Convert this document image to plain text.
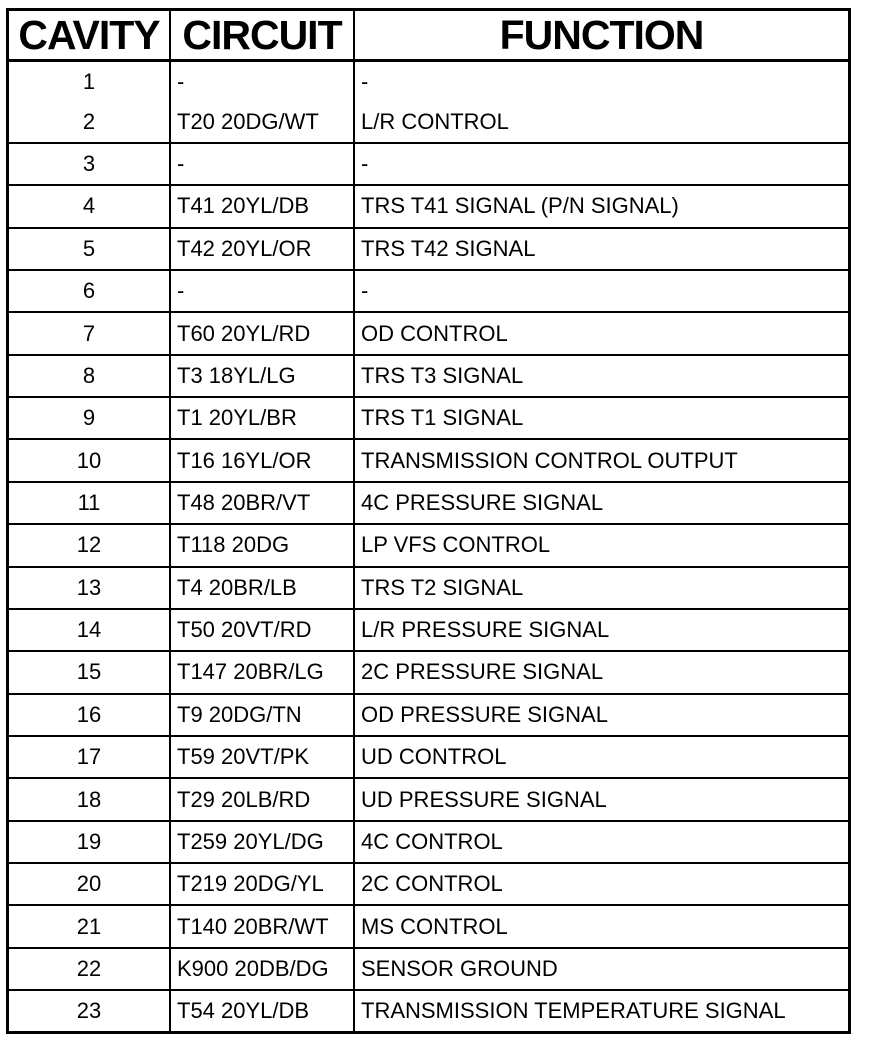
CAVITY	CIRCUIT	FUNCTION
1	-	-
2	T20 20DG/WT	L/R CONTROL
3	-	-
4	T41 20YL/DB	TRS T41 SIGNAL (P/N SIGNAL)
5	T42 20YL/OR	TRS T42 SIGNAL
6	-	-
7	T60 20YL/RD	OD CONTROL
8	T3 18YL/LG	TRS T3 SIGNAL
9	T1 20YL/BR	TRS T1 SIGNAL
10	T16 16YL/OR	TRANSMISSION CONTROL OUTPUT
11	T48 20BR/VT	4C PRESSURE SIGNAL
12	T118 20DG	LP VFS CONTROL
13	T4 20BR/LB	TRS T2 SIGNAL
14	T50 20VT/RD	L/R PRESSURE SIGNAL
15	T147 20BR/LG	2C PRESSURE SIGNAL
16	T9 20DG/TN	OD PRESSURE SIGNAL
17	T59 20VT/PK	UD CONTROL
18	T29 20LB/RD	UD PRESSURE SIGNAL
19	T259 20YL/DG	4C CONTROL
20	T219 20DG/YL	2C CONTROL
21	T140 20BR/WT	MS CONTROL
22	K900 20DB/DG	SENSOR GROUND
23	T54 20YL/DB	TRANSMISSION TEMPERATURE SIGNAL
